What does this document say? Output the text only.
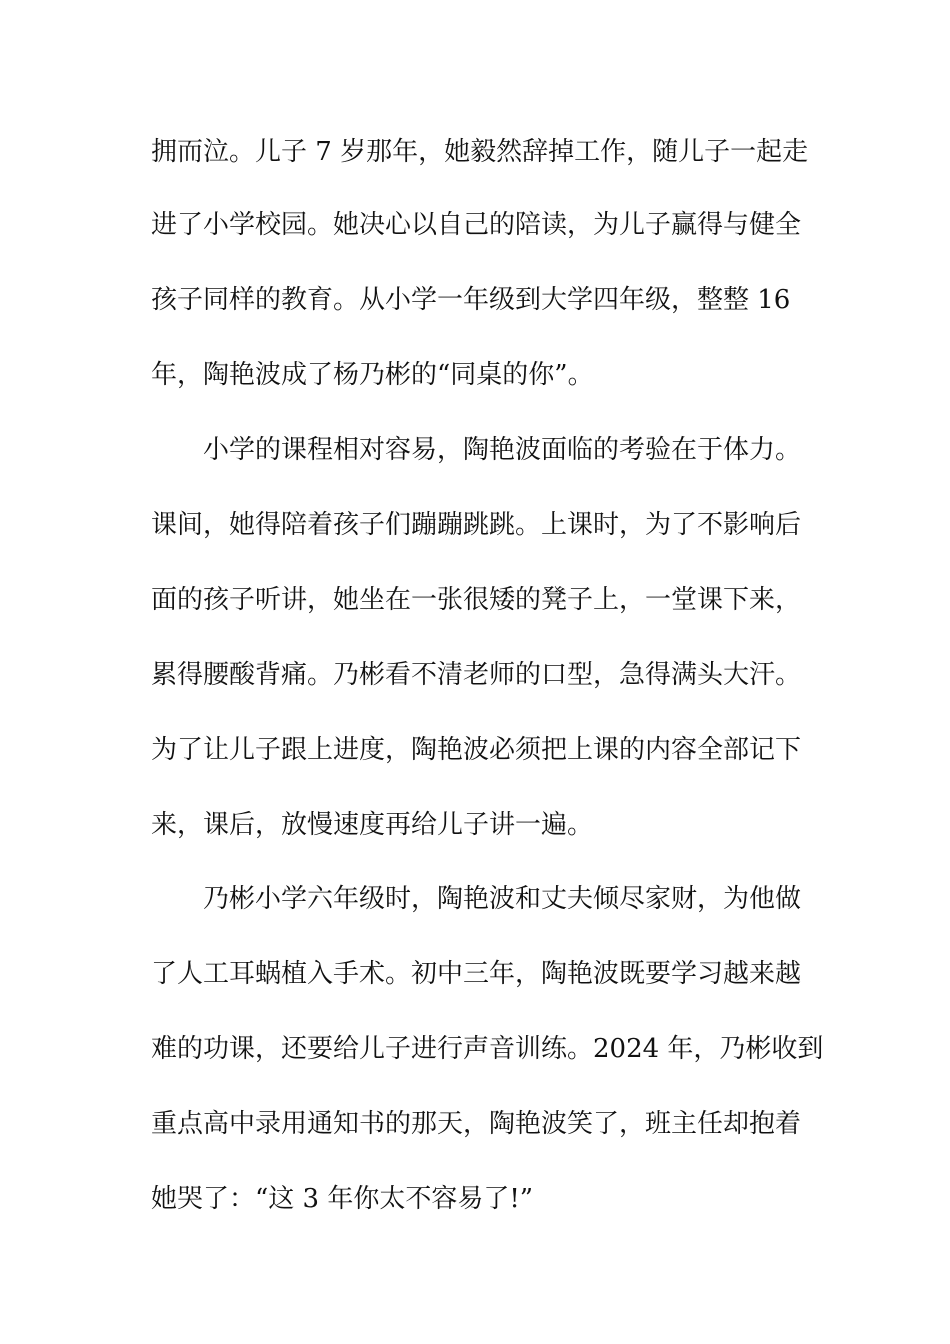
拥而泣。儿子 7 岁那年，她毅然辞掉工作，随儿子一起走
进了小学校园。她决心以自己的陪读，为儿子赢得与健全
孩子同样的教育。从小学一年级到大学四年级，整整 16
年，陶艳波成了杨乃彬的“同桌的你”。
小学的课程相对容易，陶艳波面临的考验在于体力。
课间，她得陪着孩子们蹦蹦跳跳。上课时，为了不影响后
面的孩子听讲，她坐在一张很矮的凳子上，一堂课下来，
累得腰酸背痛。乃彬看不清老师的口型，急得满头大汗。
为了让儿子跟上进度，陶艳波必须把上课的内容全部记下
来，课后，放慢速度再给儿子讲一遍。
乃彬小学六年级时，陶艳波和丈夫倾尽家财，为他做
了人工耳蜗植入手术。初中三年，陶艳波既要学习越来越
难的功课，还要给儿子进行声音训练。2024 年，乃彬收到
重点高中录用通知书的那天，陶艳波笑了，班主任却抱着
她哭了：“这 3 年你太不容易了!”
